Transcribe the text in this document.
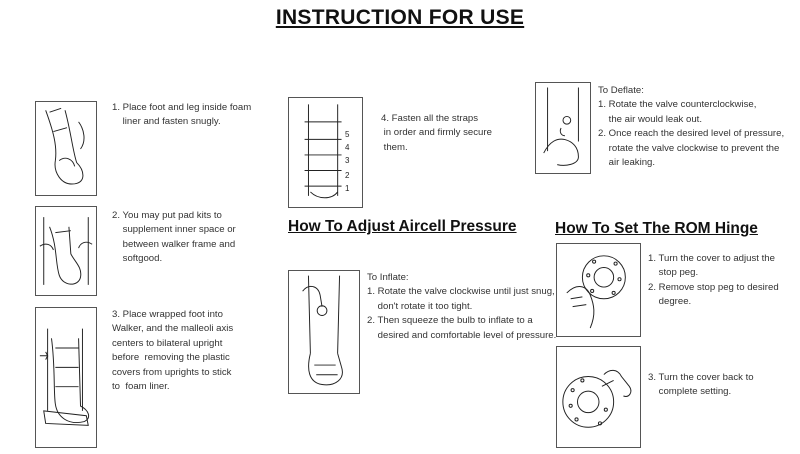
INSTRUCTION FOR USE
1. Place foot and leg inside foam
liner and fasten snugly.
2. You may put pad kits to
supplement inner space or
between walker frame and
softgood.
3. Place wrapped foot into
Walker, and the malleoli axis
centers to bilateral upright
before  removing the plastic
covers from uprights to stick
to  foam liner.
5
4
3
2
1
4. Fasten all the straps
in order and firmly secure
them.
How To Adjust Aircell Pressure How To Set The ROM Hinge
To Inflate:
1. Rotate the valve clockwise until just snug,
don't rotate it too tight.
2. Then squeeze the bulb to inflate to a
desired and comfortable level of pressure.
To Deflate:
1. Rotate the valve counterclockwise,
the air would leak out.
2. Once reach the desired level of pressure,
rotate the valve clockwise to prevent the
air leaking.
1. Turn the cover to adjust the
stop peg.
2. Remove stop peg to desired
degree.
3. Turn the cover back to
complete setting.
